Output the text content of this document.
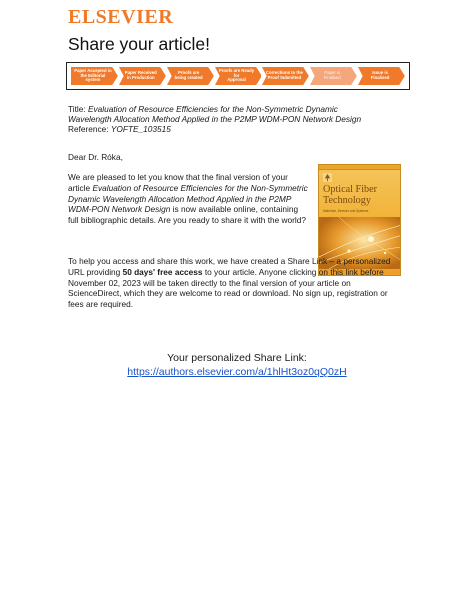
ELSEVIER
Share your article!
Paper Accepted in
the Editorial system
Paper Received
in Production
Proofs are
being created
Proofs are Ready for
Approval
Corrections to the
Proof Submitted
Paper is
Finalised
Issue is
Finalised
Title: Evaluation of Resource Efficiencies for the Non-Symmetric Dynamic
Wavelength Allocation Method Applied in the P2MP WDM-PON Network Design
Reference: YOFTE_103515
Dear Dr. Róka,
We are pleased to let you know that the final version of your article Evaluation of Resource Efficiencies for the Non-Symmetric Dynamic Wavelength Allocation Method Applied in the P2MP WDM-PON Network Design is now available online, containing full bibliographic details. Are you ready to share it with the world?
Optical Fiber Technology
Materials, Devices and Systems
To help you access and share this work, we have created a Share Link – a personalized URL providing 50 days' free access to your article. Anyone clicking on this link before November 02, 2023 will be taken directly to the final version of your article on ScienceDirect, which they are welcome to read or download. No sign up, registration or fees are required.
Your personalized Share Link:
https://authors.elsevier.com/a/1hlHt3oz0qQ0zH
